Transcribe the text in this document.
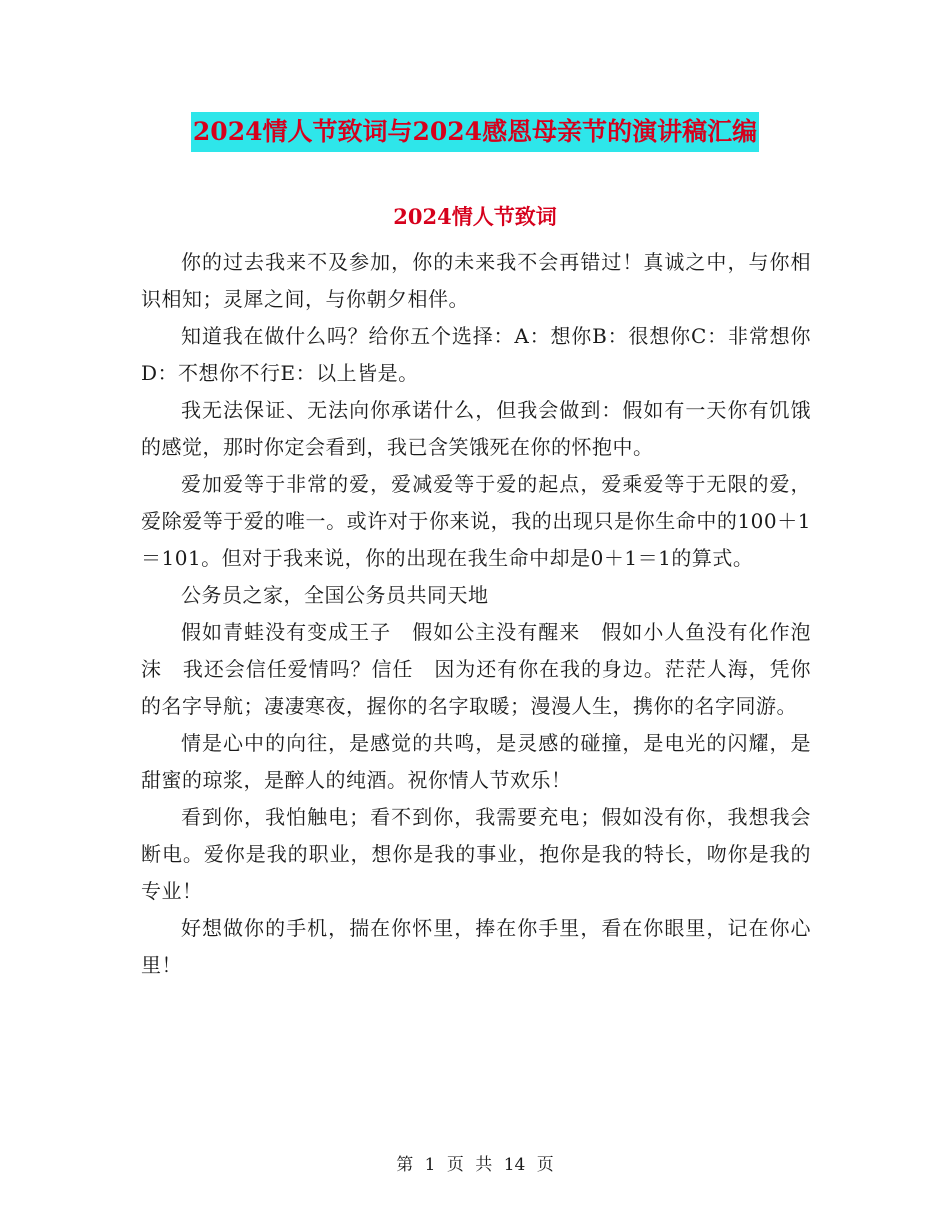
2024情人节致词与2024感恩母亲节的演讲稿汇编
2024情人节致词

你的过去我来不及参加，你的未来我不会再错过！真诚之中，与你相识相知；灵犀之间，与你朝夕相伴。

知道我在做什么吗？给你五个选择：A：想你B：很想你C：非常想你D：不想你不行E：以上皆是。

我无法保证、无法向你承诺什么，但我会做到：假如有一天你有饥饿的感觉，那时你定会看到，我已含笑饿死在你的怀抱中。

爱加爱等于非常的爱，爱减爱等于爱的起点，爱乘爱等于无限的爱，爱除爱等于爱的唯一。或许对于你来说，我的出现只是你生命中的100＋1＝101。但对于我来说，你的出现在我生命中却是0＋1＝1的算式。

公务员之家，全国公务员共同天地

假如青蛙没有变成王子　假如公主没有醒来　假如小人鱼没有化作泡沫　我还会信任爱情吗？信任　因为还有你在我的身边。茫茫人海，凭你的名字导航；凄凄寒夜，握你的名字取暖；漫漫人生，携你的名字同游。

情是心中的向往，是感觉的共鸣，是灵感的碰撞，是电光的闪耀，是甜蜜的琼浆，是醉人的纯酒。祝你情人节欢乐！

看到你，我怕触电；看不到你，我需要充电；假如没有你，我想我会断电。爱你是我的职业，想你是我的事业，抱你是我的特长，吻你是我的专业！

好想做你的手机，揣在你怀里，捧在你手里，看在你眼里，记在你心里！

第 1 页 共 14 页
